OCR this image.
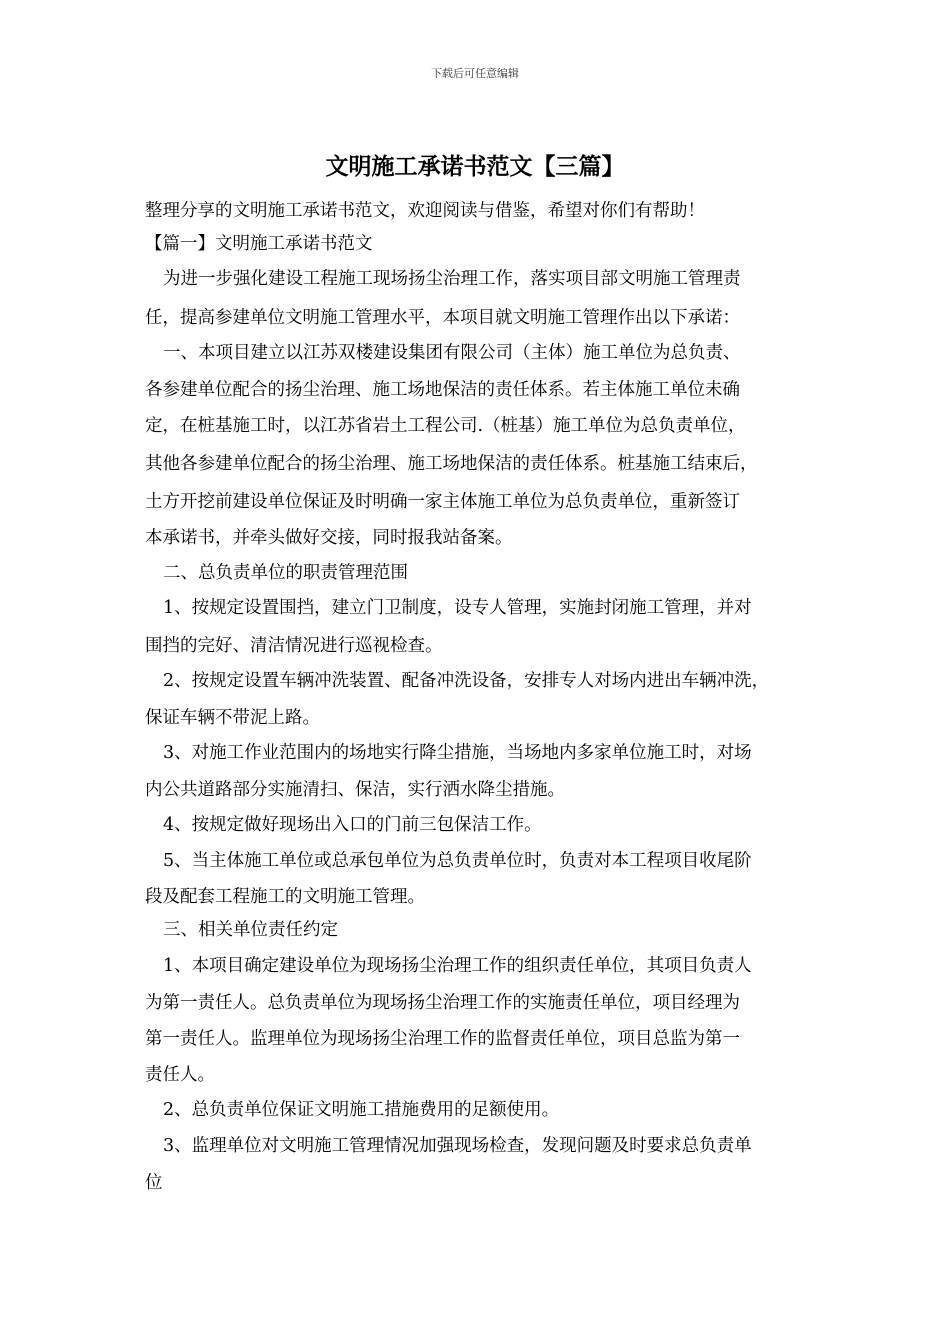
下载后可任意编辑
文明施工承诺书范文【三篇】
整理分享的文明施工承诺书范文，欢迎阅读与借鉴，希望对你们有帮助！
【篇一】文明施工承诺书范文
为进一步强化建设工程施工现场扬尘治理工作，落实项目部文明施工管理责
任，提高参建单位文明施工管理水平，本项目就文明施工管理作出以下承诺：
一、本项目建立以江苏双楼建设集团有限公司（主体）施工单位为总负责、
各参建单位配合的扬尘治理、施工场地保洁的责任体系。若主体施工单位未确
定，在桩基施工时，以江苏省岩土工程公司.（桩基）施工单位为总负责单位，
其他各参建单位配合的扬尘治理、施工场地保洁的责任体系。桩基施工结束后，
土方开挖前建设单位保证及时明确一家主体施工单位为总负责单位，重新签订
本承诺书，并牵头做好交接，同时报我站备案。
二、总负责单位的职责管理范围
1、按规定设置围挡，建立门卫制度，设专人管理，实施封闭施工管理，并对
围挡的完好、清洁情况进行巡视检查。
2、按规定设置车辆冲洗装置、配备冲洗设备，安排专人对场内进出车辆冲洗，
保证车辆不带泥上路。
3、对施工作业范围内的场地实行降尘措施，当场地内多家单位施工时，对场
内公共道路部分实施清扫、保洁，实行洒水降尘措施。
4、按规定做好现场出入口的门前三包保洁工作。
5、当主体施工单位或总承包单位为总负责单位时，负责对本工程项目收尾阶
段及配套工程施工的文明施工管理。
三、相关单位责任约定
1、本项目确定建设单位为现场扬尘治理工作的组织责任单位，其项目负责人
为第一责任人。总负责单位为现场扬尘治理工作的实施责任单位，项目经理为
第一责任人。监理单位为现场扬尘治理工作的监督责任单位，项目总监为第一
责任人。
2、总负责单位保证文明施工措施费用的足额使用。
3、监理单位对文明施工管理情况加强现场检查，发现问题及时要求总负责单
位
